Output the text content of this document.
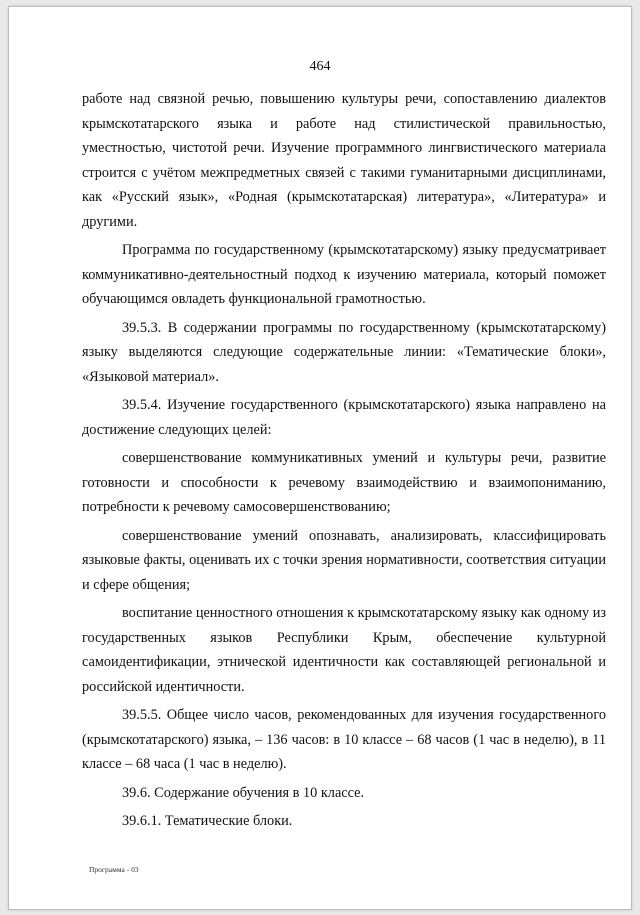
464

работе над связной речью, повышению культуры речи, сопоставлению диалектов крымскотатарского языка и работе над стилистической правильностью, уместностью, чистотой речи. Изучение программного лингвистического материала строится с учётом межпредметных связей с такими гуманитарными дисциплинами, как «Русский язык», «Родная (крымскотатарская) литература», «Литература» и другими.

Программа по государственному (крымскотатарскому) языку предусматривает коммуникативно-деятельностный подход к изучению материала, который поможет обучающимся овладеть функциональной грамотностью.

39.5.3. В содержании программы по государственному (крымскотатарскому) языку выделяются следующие содержательные линии: «Тематические блоки», «Языковой материал».

39.5.4. Изучение государственного (крымскотатарского) языка направлено на достижение следующих целей:

совершенствование коммуникативных умений и культуры речи, развитие готовности и способности к речевому взаимодействию и взаимопониманию, потребности к речевому самосовершенствованию;

совершенствование умений опознавать, анализировать, классифицировать языковые факты, оценивать их с точки зрения нормативности, соответствия ситуации и сфере общения;

воспитание ценностного отношения к крымскотатарскому языку как одному из государственных языков Республики Крым, обеспечение культурной самоидентификации, этнической идентичности как составляющей региональной и российской идентичности.

39.5.5. Общее число часов, рекомендованных для изучения государственного (крымскотатарского) языка, – 136 часов: в 10 классе – 68 часов (1 час в неделю), в 11 классе – 68 часа (1 час в неделю).

39.6. Содержание обучения в 10 классе.

39.6.1. Тематические блоки.

Программа - 03
